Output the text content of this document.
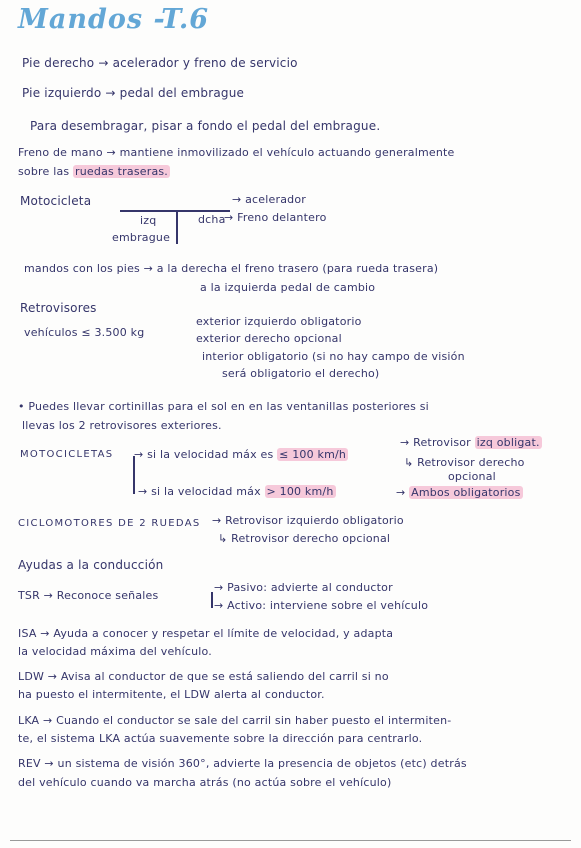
Mandos -T.6
Pie derecho → acelerador y freno de servicio
Pie izquierdo → pedal del embrague
Para desembragar, pisar a fondo el pedal del embrague.
Freno de mano → mantiene inmovilizado el vehículo actuando generalmente
sobre las ruedas traseras.
Motocicleta	→ acelerador
izq	dcha
→ Freno delantero
embrague
mandos con los pies → a la derecha el freno trasero (para rueda trasera)
a la izquierda pedal de cambio
Retrovisores
vehículos ≤ 3.500 kg
exterior izquierdo obligatorio
exterior derecho opcional
interior obligatorio (si no hay campo de visión
será obligatorio el derecho)
• Puedes llevar cortinillas para el sol en en las ventanillas posteriores si
llevas los 2 retrovisores exteriores.
MOTOCICLETAS → si la velocidad máx es ≤ 100 km/h
→ Retrovisor izq obligat.
↳ Retrovisor derecho
opcional
→ si la velocidad máx > 100 km/h	→ Ambos obligatorios
CICLOMOTORES DE 2 RUEDAS → Retrovisor izquierdo obligatorio
↳ Retrovisor derecho opcional
Ayudas a la conducción
TSR → Reconoce señales
→ Pasivo: advierte al conductor
→ Activo: interviene sobre el vehículo
ISA → Ayuda a conocer y respetar el límite de velocidad, y adapta
la velocidad máxima del vehículo.
LDW → Avisa al conductor de que se está saliendo del carril si no
ha puesto el intermitente, el LDW alerta al conductor.
LKA → Cuando el conductor se sale del carril sin haber puesto el intermiten-
te, el sistema LKA actúa suavemente sobre la dirección para centrarlo.
REV → un sistema de visión 360°, advierte la presencia de objetos (etc) detrás
del vehículo cuando va marcha atrás (no actúa sobre el vehículo)
